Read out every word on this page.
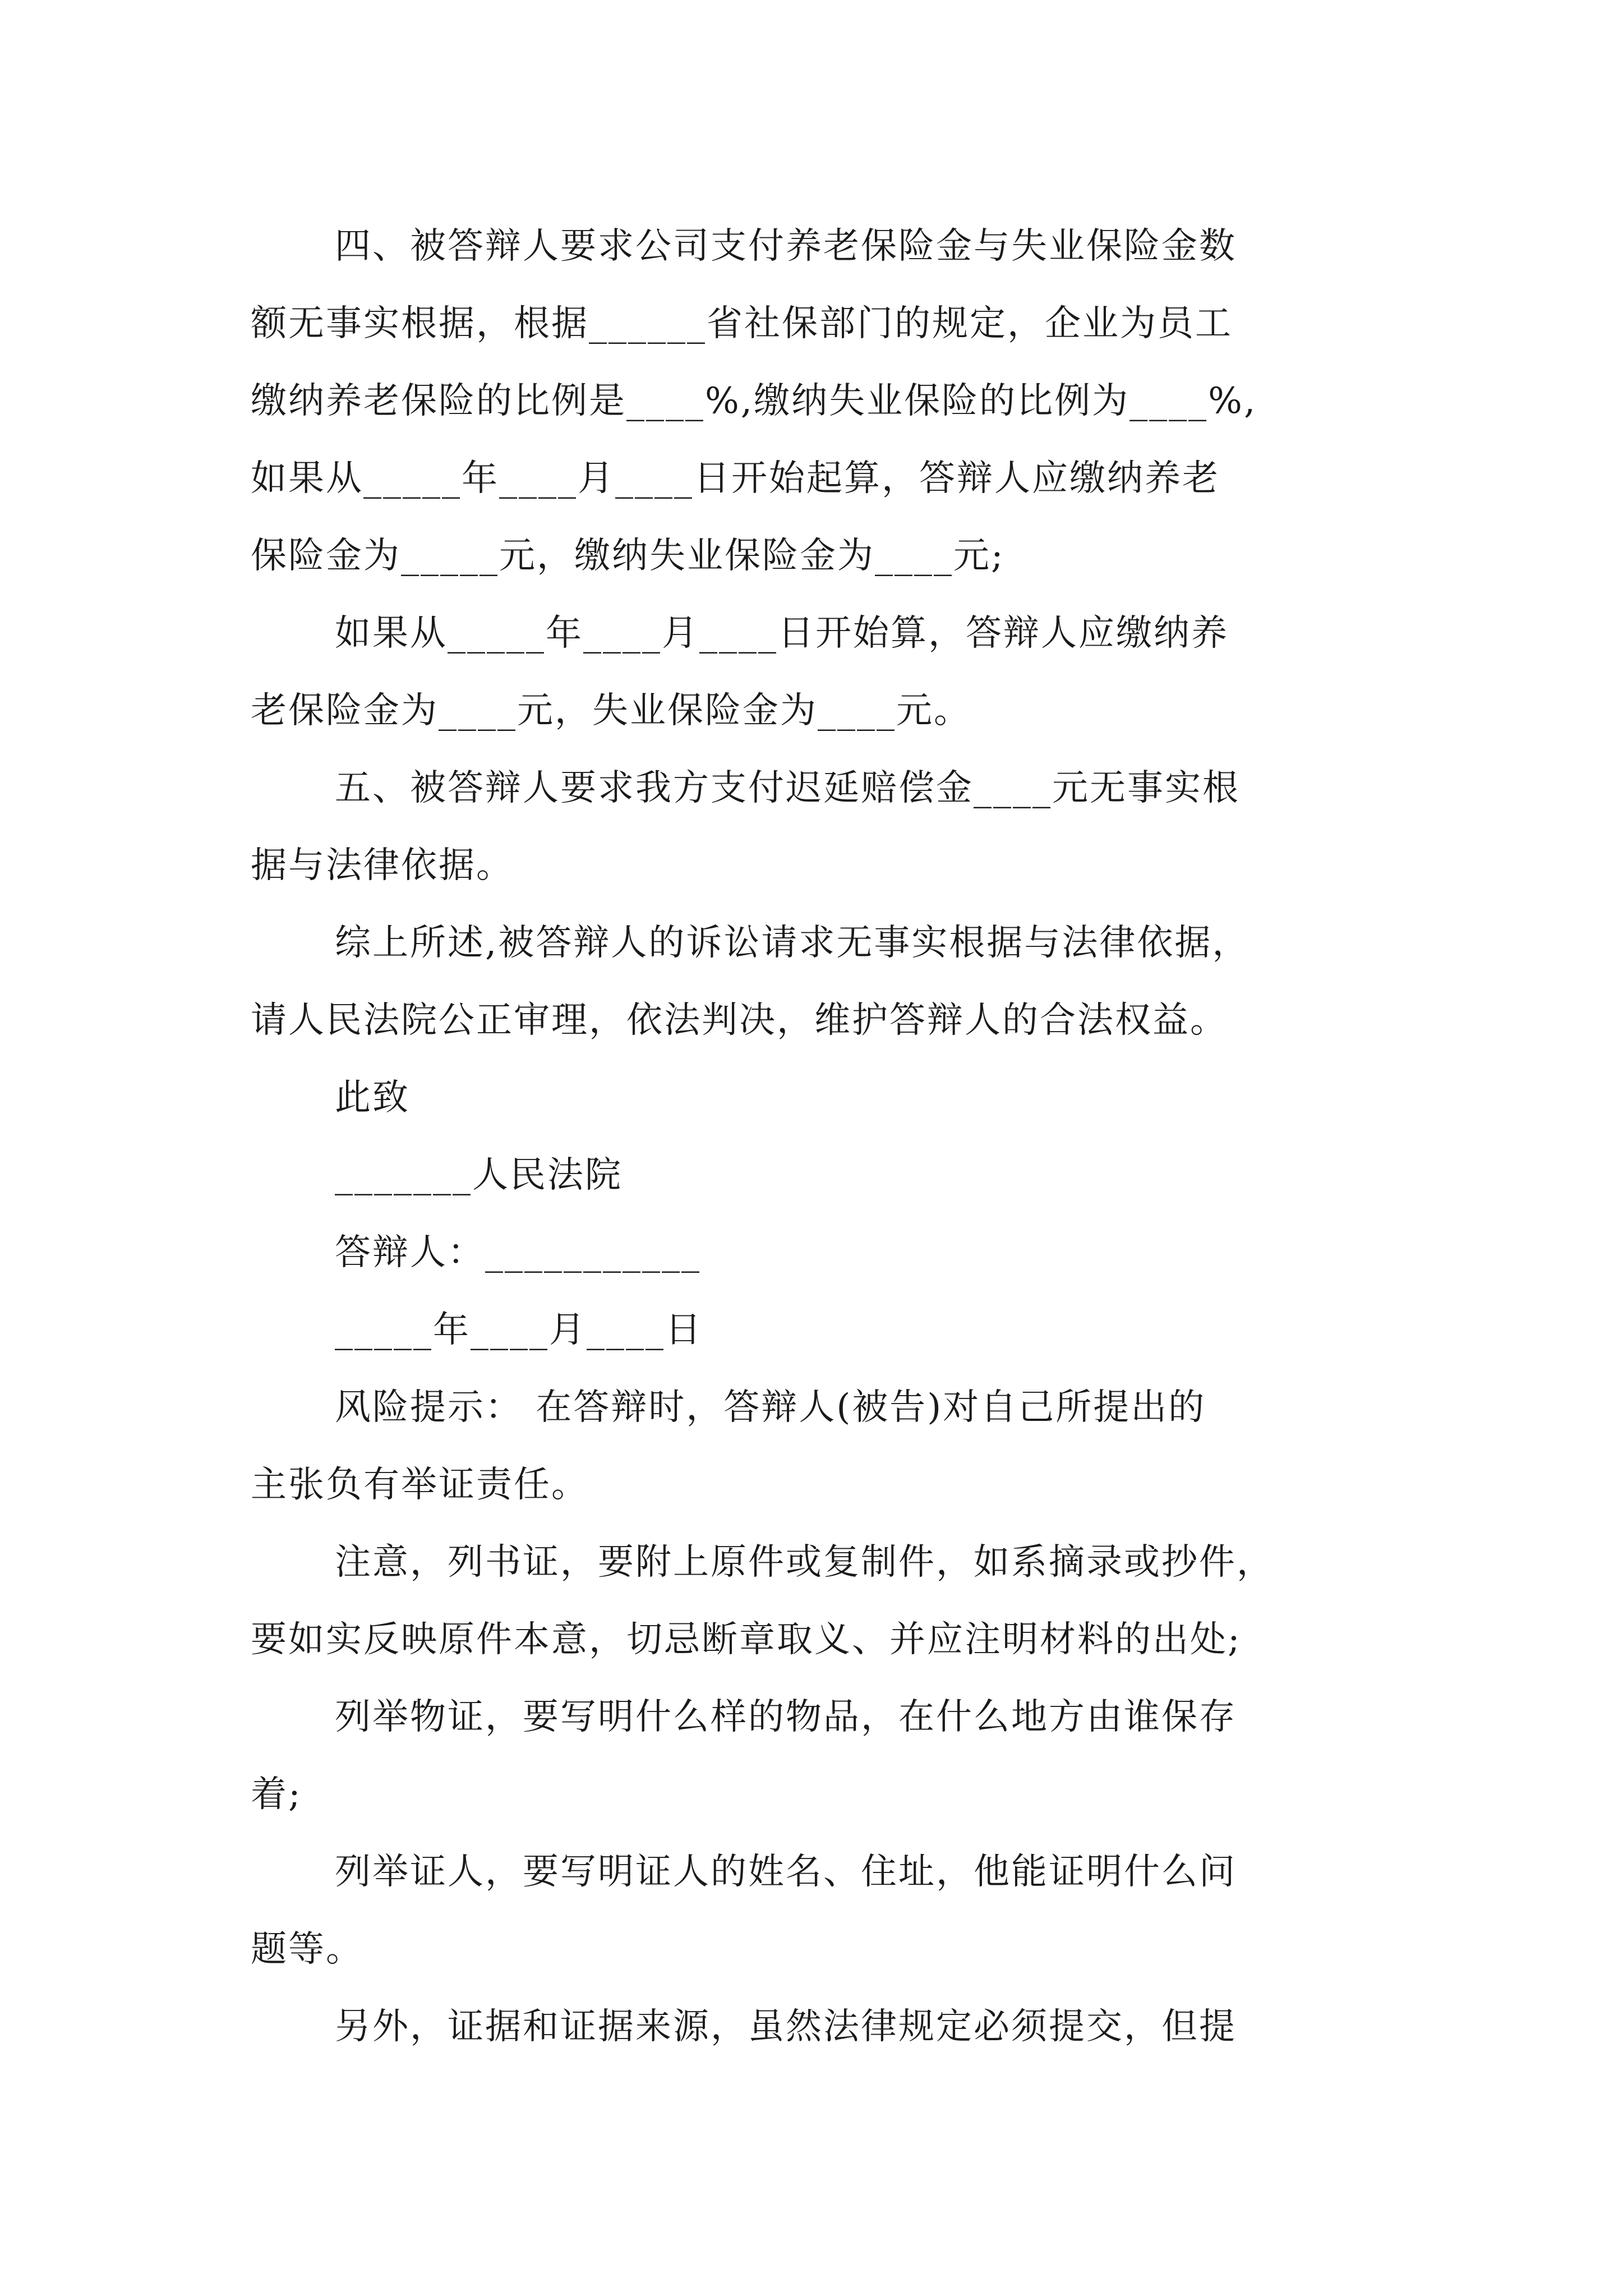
四、被答辩人要求公司支付养老保险金与失业保险金数

额无事实根据，根据______省社保部门的规定，企业为员工

缴纳养老保险的比例是____%,缴纳失业保险的比例为____%,

如果从_____年____月____日开始起算，答辩人应缴纳养老

保险金为_____元，缴纳失业保险金为____元;

如果从_____年____月____日开始算，答辩人应缴纳养

老保险金为____元，失业保险金为____元。

五、被答辩人要求我方支付迟延赔偿金____元无事实根

据与法律依据。

综上所述,被答辩人的诉讼请求无事实根据与法律依据，

请人民法院公正审理，依法判决，维护答辩人的合法权益。

此致

_______人民法院

答辩人：___________

_____年____月____日

风险提示： 在答辩时，答辩人(被告)对自己所提出的

主张负有举证责任。

注意，列书证，要附上原件或复制件，如系摘录或抄件，

要如实反映原件本意，切忌断章取义、并应注明材料的出处;

列举物证，要写明什么样的物品，在什么地方由谁保存

着;

列举证人，要写明证人的姓名、住址，他能证明什么问

题等。

另外，证据和证据来源，虽然法律规定必须提交，但提
